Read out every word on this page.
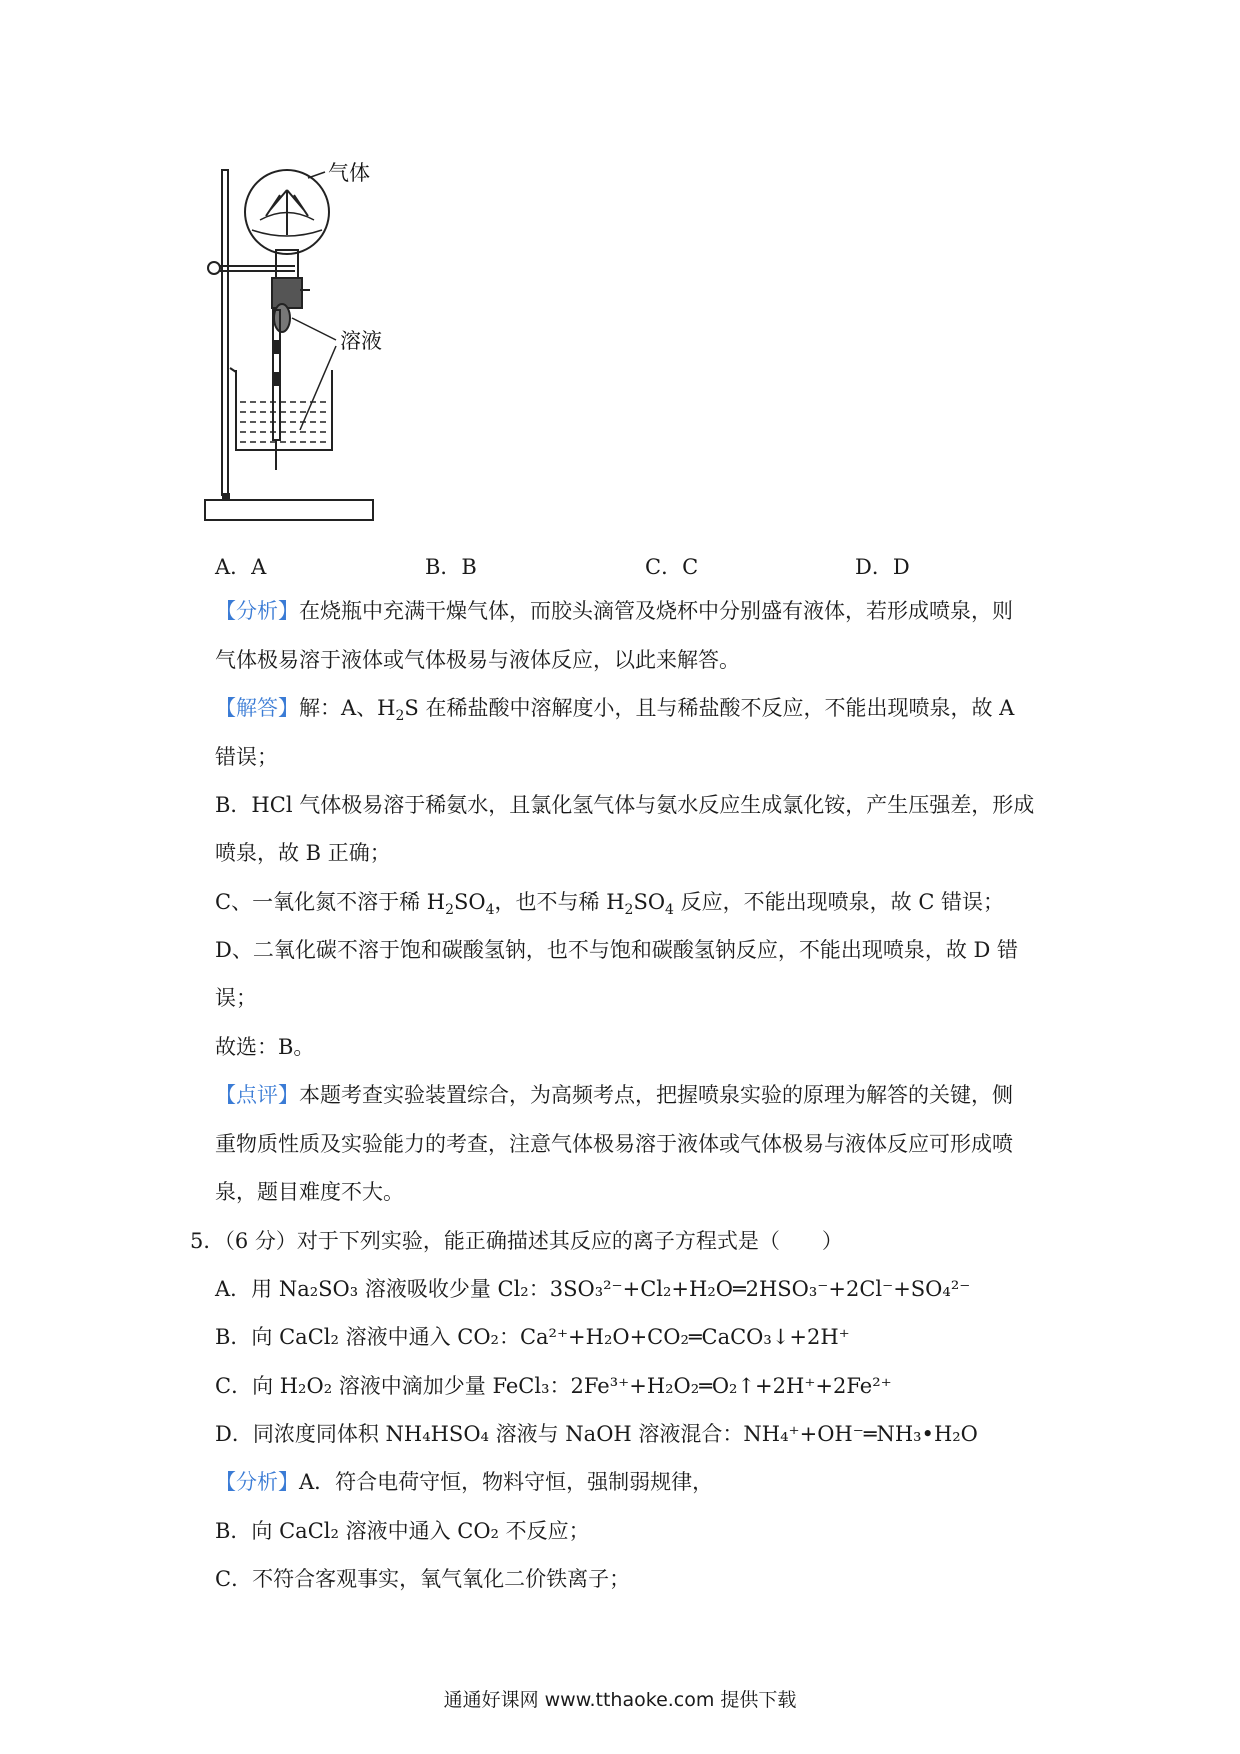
气体
溶液
A．A	B．B	C．C	D．D
【分析】在烧瓶中充满干燥气体，而胶头滴管及烧杯中分别盛有液体，若形成喷泉，则
气体极易溶于液体或气体极易与液体反应，以此来解答。
【解答】解：A、$H_2S$ 在稀盐酸中溶解度小，且与稀盐酸不反应，不能出现喷泉，故 A
错误；
B．HCl 气体极易溶于稀氨水，且氯化氢气体与氨水反应生成氯化铵，产生压强差，形成
喷泉，故 B 正确；
C、一氧化氮不溶于稀 $H_2SO_4$，也不与稀 $H_2SO_4$ 反应，不能出现喷泉，故 C 错误；
D、二氧化碳不溶于饱和碳酸氢钠，也不与饱和碳酸氢钠反应，不能出现喷泉，故 D 错
误；
故选：B。
【点评】本题考查实验装置综合，为高频考点，把握喷泉实验的原理为解答的关键，侧
重物质性质及实验能力的考查，注意气体极易溶于液体或气体极易与液体反应可形成喷
泉，题目难度不大。
5．（6 分）对于下列实验，能正确描述其反应的离子方程式是（　　）
A．用 Na₂SO₃ 溶液吸收少量 Cl₂：3SO₃²⁻+Cl₂+H₂O═2HSO₃⁻+2Cl⁻+SO₄²⁻
B．向 CaCl₂ 溶液中通入 CO₂：Ca²⁺+H₂O+CO₂═CaCO₃↓+2H⁺
C．向 H₂O₂ 溶液中滴加少量 FeCl₃：2Fe³⁺+H₂O₂═O₂↑+2H⁺+2Fe²⁺
D．同浓度同体积 NH₄HSO₄ 溶液与 NaOH 溶液混合：NH₄⁺+OH⁻═NH₃•H₂O
【分析】A．符合电荷守恒，物料守恒，强制弱规律，
B．向 CaCl₂ 溶液中通入 CO₂ 不反应；
C．不符合客观事实，氧气氧化二价铁离子；
通通好课网 www.tthaoke.com 提供下载
